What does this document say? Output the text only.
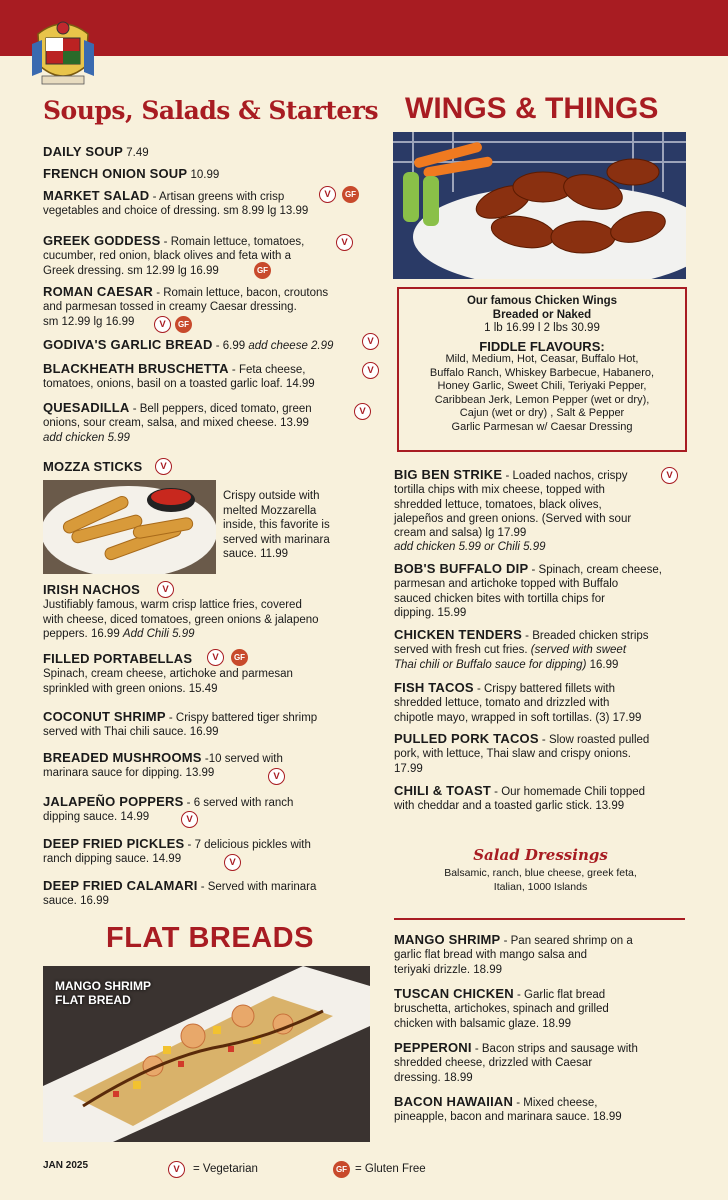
Soups, Salads & Starters
DAILY SOUP 7.49
FRENCH ONION SOUP 10.99
MARKET SALAD - Artisan greens with crisp
vegetables and choice of dressing. sm 8.99 lg 13.99
V	GF
GREEK GODDESS - Romain lettuce, tomatoes,
cucumber, red onion, black olives and feta with a
Greek dressing. sm 12.99 lg 16.99
V
GF
ROMAN CAESAR - Romain lettuce, bacon, croutons
and parmesan tossed in creamy Caesar dressing.
sm 12.99 lg 16.99	V	GF
GODIVA'S GARLIC BREAD - 6.99 add cheese 2.99	V
BLACKHEATH BRUSCHETTA - Feta cheese,
tomatoes, onions, basil on a toasted garlic loaf. 14.99
V
QUESADILLA - Bell peppers, diced tomato, green
onions, sour cream, salsa, and mixed cheese. 13.99
add chicken 5.99
V
MOZZA STICKS	V
Crispy outside with
melted Mozzarella
inside, this favorite is
served with marinara
sauce. 11.99
IRISH NACHOS
Justifiably famous, warm crisp lattice fries, covered
with cheese, diced tomatoes, green onions & jalapeno
peppers. 16.99 Add Chili 5.99
V
FILLED PORTABELLAS
Spinach, cream cheese, artichoke and parmesan
sprinkled with green onions. 15.49
V	GF
COCONUT SHRIMP - Crispy battered tiger shrimp
served with Thai chili sauce. 16.99
BREADED MUSHROOMS -10 served with
marinara sauce for dipping. 13.99	V
JALAPEÑO POPPERS - 6 served with ranch
dipping sauce. 14.99	V
DEEP FRIED PICKLES - 7 delicious pickles with
ranch dipping sauce. 14.99	V
DEEP FRIED CALAMARI - Served with marinara
sauce. 16.99
FLAT BREADS
MANGO SHRIMP
FLAT BREAD
WINGS & THINGS
Our famous Chicken Wings
Breaded or Naked
1 lb 16.99 l 2 lbs 30.99
FIDDLE FLAVOURS:
Mild, Medium, Hot, Ceasar, Buffalo Hot,
Buffalo Ranch, Whiskey Barbecue, Habanero,
Honey Garlic, Sweet Chili, Teriyaki Pepper,
Caribbean Jerk, Lemon Pepper (wet or dry),
Cajun (wet or dry) , Salt & Pepper
Garlic Parmesan w/ Caesar Dressing
BIG BEN STRIKE - Loaded nachos, crispy
tortilla chips with mix cheese, topped with
shredded lettuce, tomatoes, black olives,
jalepeños and green onions. (Served with sour
cream and salsa) lg 17.99
add chicken 5.99 or Chili 5.99
V
BOB'S BUFFALO DIP - Spinach, cream cheese,
parmesan and artichoke topped with Buffalo
sauced chicken bites with tortilla chips for
dipping. 15.99
CHICKEN TENDERS - Breaded chicken strips
served with fresh cut fries. (served with sweet
Thai chili or Buffalo sauce for dipping) 16.99
FISH TACOS - Crispy battered fillets with
shredded lettuce, tomato and drizzled with
chipotle mayo, wrapped in soft tortillas. (3) 17.99
PULLED PORK TACOS - Slow roasted pulled
pork, with lettuce, Thai slaw and crispy onions.
17.99
CHILI & TOAST - Our homemade Chili topped
with cheddar and a toasted garlic stick. 13.99
Salad Dressings
Balsamic, ranch, blue cheese, greek feta,
Italian, 1000 Islands
MANGO SHRIMP - Pan seared shrimp on a
garlic flat bread with mango salsa and
teriyaki drizzle. 18.99
TUSCAN CHICKEN - Garlic flat bread
bruschetta, artichokes, spinach and grilled
chicken with balsamic glaze. 18.99
PEPPERONI - Bacon strips and sausage with
shredded cheese, drizzled with Caesar
dressing. 18.99
BACON HAWAIIAN - Mixed cheese,
pineapple, bacon and marinara sauce. 18.99
JAN 2025	V	= Vegetarian	GF = Gluten Free
